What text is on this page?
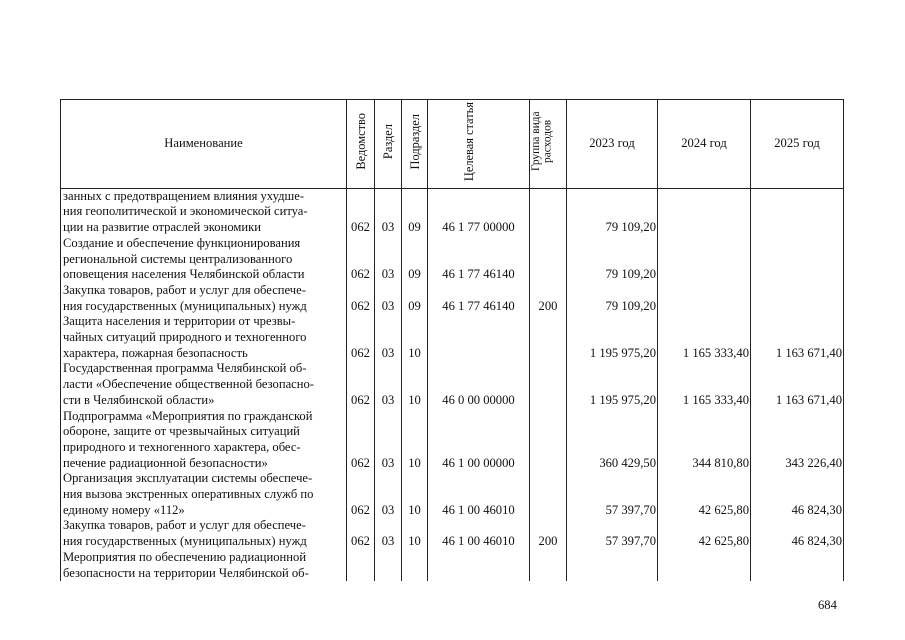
Наименование	Ведомство	Раздел	Подраздел	Целевая статья	Группа вида расходов	2023 год	2024 год	2025 год

занных с предотвращением влияния ухудше-
ния геополитической и экономической ситуа-
ции на развитие отраслей экономики	062	03	09	46 1 77 00000		79 109,20		

Создание и обеспечение функционирования
региональной системы централизованного
оповещения населения Челябинской области	062	03	09	46 1 77 46140		79 109,20		

Закупка товаров, работ и услуг для обеспече-
ния государственных (муниципальных) нужд	062	03	09	46 1 77 46140	200	79 109,20		

Защита населения и территории от чрезвы-
чайных ситуаций природного и техногенного
характера, пожарная безопасность	062	03	10			1 195 975,20	1 165 333,40	1 163 671,40

Государственная программа Челябинской об-
ласти «Обеспечение общественной безопасно-
сти в Челябинской области»	062	03	10	46 0 00 00000		1 195 975,20	1 165 333,40	1 163 671,40

Подпрограмма «Мероприятия по гражданской
обороне, защите от чрезвычайных ситуаций
природного и техногенного характера, обес-
печение радиационной безопасности»	062	03	10	46 1 00 00000		360 429,50	344 810,80	343 226,40

Организация эксплуатации системы обеспече-
ния вызова экстренных оперативных служб по
единому номеру «112»	062	03	10	46 1 00 46010		57 397,70	42 625,80	46 824,30

Закупка товаров, работ и услуг для обеспече-
ния государственных (муниципальных) нужд	062	03	10	46 1 00 46010	200	57 397,70	42 625,80	46 824,30

Мероприятия по обеспечению радиационной
безопасности на территории Челябинской об-								

684
